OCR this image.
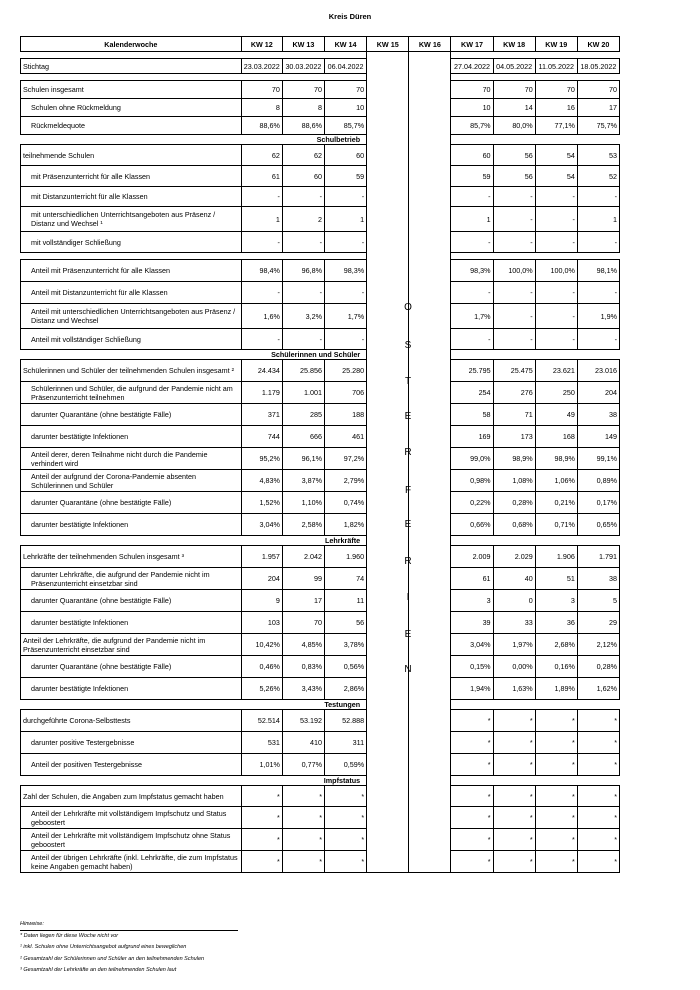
Kreis Düren
Kalenderwoche	KW 12	KW 13	KW 14	KW 15	KW 16	KW 17	KW 18	KW 19	KW 20

Stichtag	23.03.2022	30.03.2022	06.04.2022			27.04.2022	04.05.2022	11.05.2022	18.05.2022

Schulen insgesamt	70	70	70			70	70	70	70
Schulen ohne Rückmeldung	8	8	10			10	14	16	17
Rückmeldequote	88,6%	88,6%	85,7%			85,7%	80,0%	77,1%	75,7%
Schulbetrieb									
teilnehmende Schulen	62	62	60			60	56	54	53
mit Präsenzunterricht für alle Klassen	61	60	59			59	56	54	52
mit Distanzunterricht für alle Klassen	-	-	-			-	-	-	-
mit unterschiedlichen Unterrichtsangeboten aus Präsenz / Distanz und Wechsel ¹	1	2	1			1	-	-	1
mit vollständiger Schließung	-	-	-			-	-	-	-

Anteil mit Präsenzunterricht für alle Klassen	98,4%	96,8%	98,3%			98,3%	100,0%	100,0%	98,1%
Anteil mit Distanzunterricht für alle Klassen	-	-	-			-	-	-	-
Anteil mit unterschiedlichen Unterrichtsangeboten aus Präsenz / Distanz und Wechsel	1,6%	3,2%	1,7%			1,7%	-	-	1,9%
Anteil mit vollständiger Schließung	-	-	-			-	-	-	-
Schülerinnen und Schüler									
Schülerinnen und Schüler der teilnehmenden Schulen insgesamt ²	24.434	25.856	25.280			25.795	25.475	23.621	23.016
Schülerinnen und Schüler, die aufgrund der Pandemie nicht am Präsenzunterricht teilnehmen	1.179	1.001	706			254	276	250	204
darunter Quarantäne (ohne bestätigte Fälle)	371	285	188			58	71	49	38
darunter bestätigte Infektionen	744	666	461			169	173	168	149
Anteil derer, deren Teilnahme nicht durch die Pandemie verhindert wird	95,2%	96,1%	97,2%			99,0%	98,9%	98,9%	99,1%
Anteil der aufgrund der Corona-Pandemie absenten Schülerinnen und Schüler	4,83%	3,87%	2,79%			0,98%	1,08%	1,06%	0,89%
darunter Quarantäne (ohne bestätigte Fälle)	1,52%	1,10%	0,74%			0,22%	0,28%	0,21%	0,17%
darunter bestätigte Infektionen	3,04%	2,58%	1,82%			0,66%	0,68%	0,71%	0,65%
Lehrkräfte									
Lehrkräfte der teilnehmenden Schulen insgesamt ³	1.957	2.042	1.960			2.009	2.029	1.906	1.791
darunter Lehrkräfte, die aufgrund der Pandemie nicht im Präsenzunterricht einsetzbar sind	204	99	74			61	40	51	38
darunter Quarantäne (ohne bestätigte Fälle)	9	17	11			3	0	3	5
darunter bestätigte Infektionen	103	70	56			39	33	36	29
Anteil der Lehrkräfte, die aufgrund der Pandemie nicht im Präsenzunterricht einsetzbar sind	10,42%	4,85%	3,78%			3,04%	1,97%	2,68%	2,12%
darunter Quarantäne (ohne bestätigte Fälle)	0,46%	0,83%	0,56%			0,15%	0,00%	0,16%	0,28%
darunter bestätigte Infektionen	5,26%	3,43%	2,86%			1,94%	1,63%	1,89%	1,62%
Testungen									
durchgeführte Corona-Selbsttests	52.514	53.192	52.888			*	*	*	*
darunter positive Testergebnisse	531	410	311			*	*	*	*
Anteil der positiven Testergebnisse	1,01%	0,77%	0,59%			*	*	*	*
Impfstatus									
Zahl der Schulen, die Angaben zum Impfstatus gemacht haben	*	*	*			*	*	*	*
Anteil der Lehrkräfte mit vollständigem Impfschutz und Status geboostert	*	*	*			*	*	*	*
Anteil der Lehrkräfte mit vollständigem Impfschutz ohne Status geboostert	*	*	*			*	*	*	*
Anteil der übrigen Lehrkräfte (inkl. Lehrkräfte, die zum Impfstatus keine Angaben gemacht haben)	*	*	*			*	*	*	*
O
S
T
E
R
F
E
R
I
E
N
Hinweise:
* Daten liegen für diese Woche nicht vor
¹ inkl. Schulen ohne Unterrichtsangebot aufgrund eines beweglichen
² Gesamtzahl der Schülerinnen und Schüler an den teilnehmenden Schulen
³ Gesamtzahl der Lehrkräfte an den teilnehmenden Schulen laut
